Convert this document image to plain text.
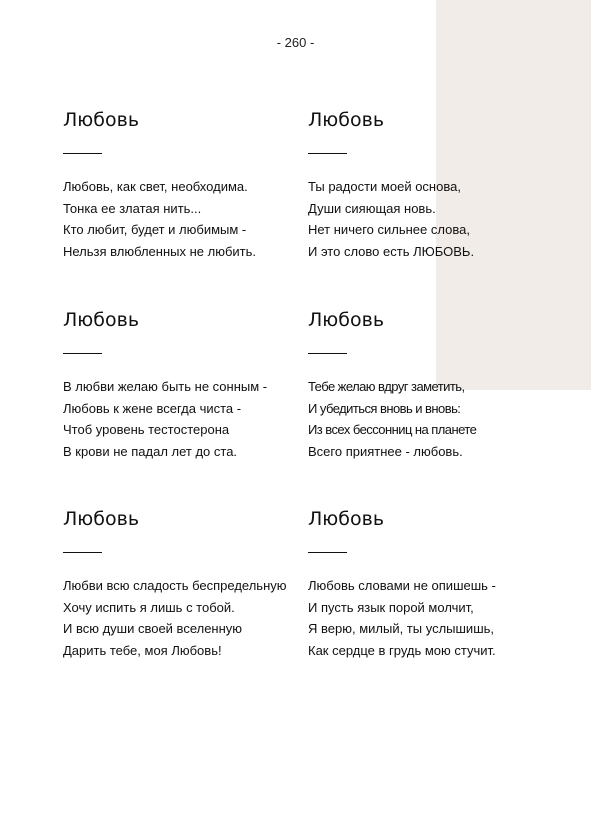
- 260 -
Любовь
Любовь, как свет, необходима.
Тонка ее златая нить...
Кто любит, будет и любимым -
Нельзя влюбленных не любить.
Любовь
Ты радости моей основа,
Души сияющая новь.
Нет ничего сильнее слова,
И это слово есть ЛЮБОВЬ.
Любовь
В любви желаю быть не сонным -
Любовь к жене всегда чиста -
Чтоб уровень тестостерона
В крови не падал лет до ста.
Любовь
Тебе желаю вдруг заметить,
И убедиться вновь и вновь:
Из всех бессонниц на планете
Всего приятнее - любовь.
Любовь
Любви всю сладость беспредельную
Хочу испить я лишь с тобой.
И всю души своей вселенную
Дарить тебе, моя Любовь!
Любовь
Любовь словами не опишешь -
И пусть язык порой молчит,
Я верю, милый, ты услышишь,
Как сердце в грудь мою стучит.
